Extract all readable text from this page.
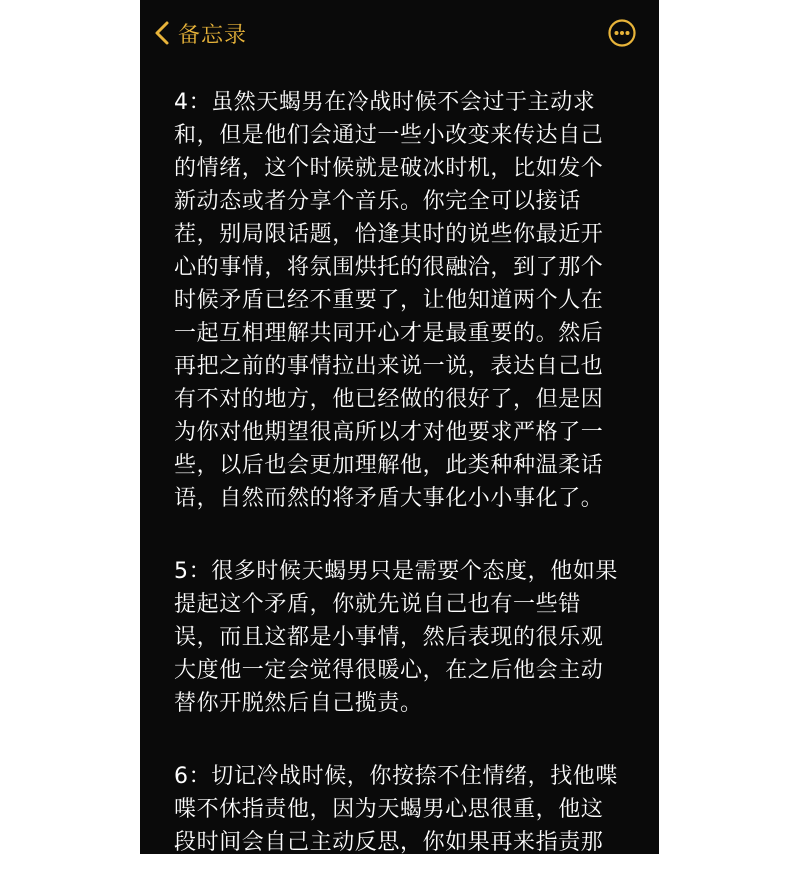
备忘录
4：虽然天蝎男在冷战时候不会过于主动求
和，但是他们会通过一些小改变来传达自己
的情绪，这个时候就是破冰时机，比如发个
新动态或者分享个音乐。你完全可以接话
茬，别局限话题，恰逢其时的说些你最近开
心的事情，将氛围烘托的很融洽，到了那个
时候矛盾已经不重要了，让他知道两个人在
一起互相理解共同开心才是最重要的。然后
再把之前的事情拉出来说一说，表达自己也
有不对的地方，他已经做的很好了，但是因
为你对他期望很高所以才对他要求严格了一
些，以后也会更加理解他，此类种种温柔话
语，自然而然的将矛盾大事化小小事化了。
5：很多时候天蝎男只是需要个态度，他如果
提起这个矛盾，你就先说自己也有一些错
误，而且这都是小事情，然后表现的很乐观
大度他一定会觉得很暖心，在之后他会主动
替你开脱然后自己揽责。
6：切记冷战时候，你按捺不住情绪，找他喋
喋不休指责他，因为天蝎男心思很重，他这
段时间会自己主动反思，你如果再来指责那
他会觉得自己已经在自省了，而你却把责任
